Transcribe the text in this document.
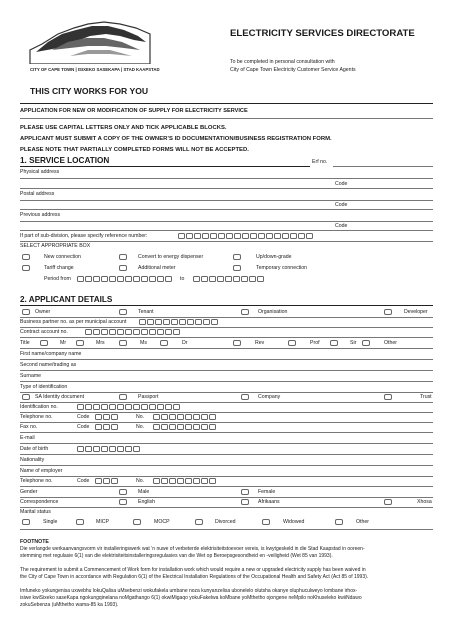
CITY OF CAPE TOWN | ISIXEKO SASEKAPA | STAD KAAPSTAD
THIS CITY WORKS FOR YOU
ELECTRICITY SERVICES DIRECTORATE
To be completed in personal consultation with
City of Cape Town Electricity Customer Service Agents
APPLICATION FOR NEW OR MODIFICATION OF SUPPLY FOR ELECTRICITY SERVICE
PLEASE USE CAPITAL LETTERS ONLY AND TICK APPLICABLE BLOCKS.
APPLICANT MUST SUBMIT A COPY OF THE OWNER’S ID DOCUMENTATION/BUSINESS REGISTRATION FORM.
PLEASE NOTE THAT PARTIALLY COMPLETED FORMS WILL NOT BE ACCEPTED.
1. SERVICE LOCATION	Erf no.
Physical address
Code
Postal address
Code
Previous address
Code
If part of sub-division, please specify reference number:
SELECT APPROPRIATE BOX
New connection	Convert to energy dispenser	Up/down-grade
Tariff change	Additional meter	Temporary connection
Period from	to
2. APPLICANT DETAILS
Owner	Tenant	Organisation	Developer
Business partner no. as per municipal account
Contract account no.
Title	Mr	Mrs	Ms	Dr	Rev	Prof	Sir	Other
First name/company name
Second name/trading as
Surname
Type of identification
SA Identity document	Passport	Company	Trust
Identification no.
Telephone no.	Code	No.
Fax no.	Code	No.
E-mail
Date of birth
Nationality
Name of employer
Telephone no.	Code	No.
Gender	Male	Female
Correspondence	English	Afrikaans	Xhosa
Marital status
Single	MICP	MOCP	Divorced	Widowed	Other
FOOTNOTE
Die verlangde werkaanvangsvorm vir installeringswerk wat ’n nuwe of verbeterde elektrisiteitstoevoer vereis, is kwytgeskeld in die Stad Kaapstad in ooreen-
stemming met regulasie 6(1) van die elektrisiteitsinstalleringsregulasies van die Wet op Beroepsgesondheid en -veiligheid (Wet 85 van 1993).
The requirement to submit a Commencement of Work form for installation work which would require a new or upgraded electricity supply has been waived in
the City of Cape Town in accordance with Regulation 6(1) of the Electrical Installation Regulations of the Occupational Health and Safety Act (Act 85 of 1993).
Imfuneko yokungenisa uxwebhu lokuQalisa uMsebenzi wokufakela umbane noza kunyanzelisa ubonelelo olutsha okanye oluphuculweyo lombane irhox-
isiwe kwiSixeko saseKapa ngokungqinelana noMgathango 6(1) okwiMigaqo yokuFakelwa koMbane yoMthetho ojongene neMpilo noKhuseleko kwiiNdawo
zokuSebenza (uMthetho wama-85 ka 1993).
